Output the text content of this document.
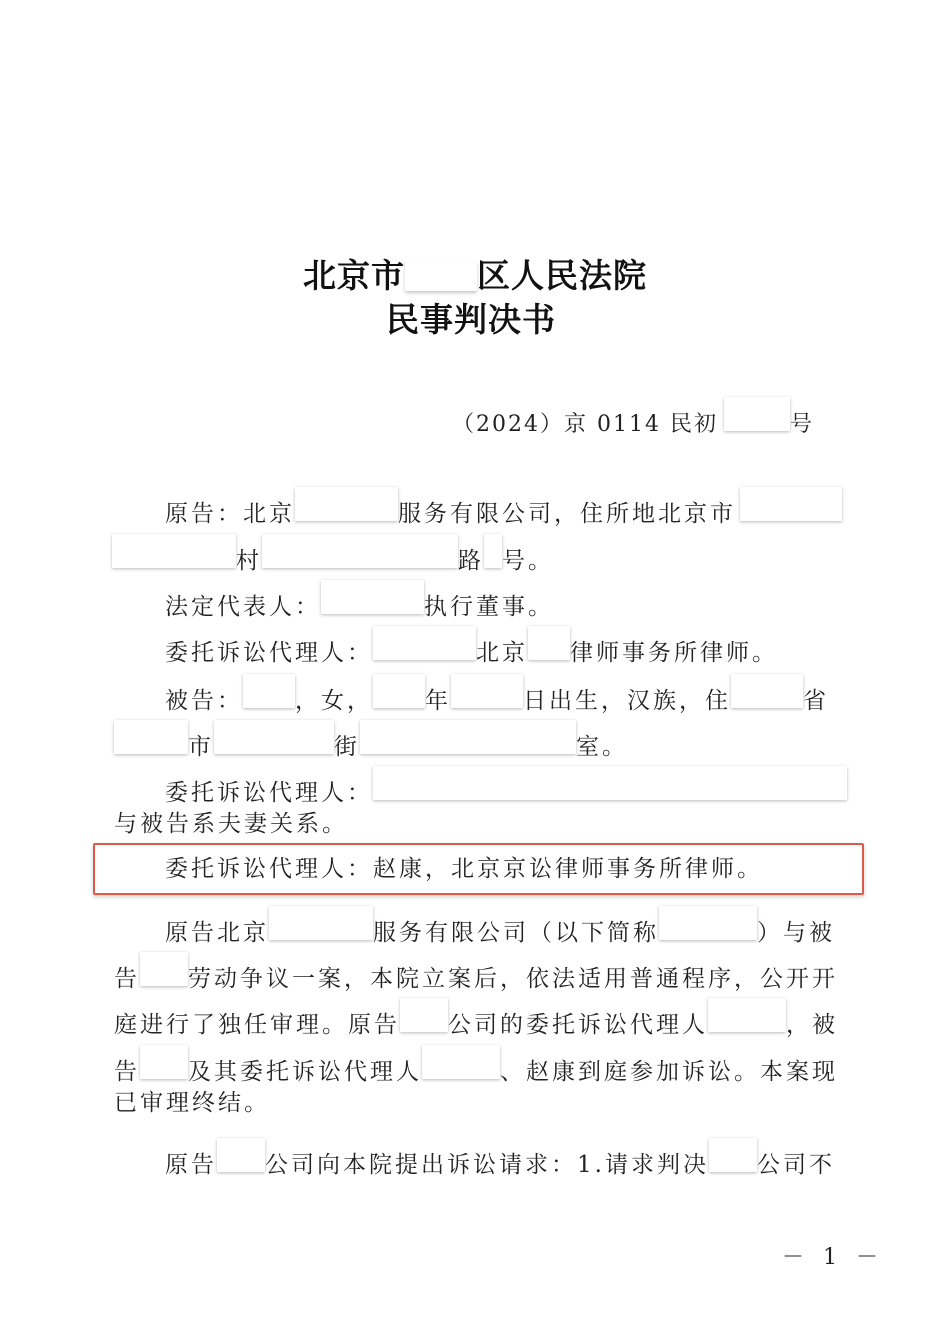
北京市 区人民法院
民事判决书
（2024）京 0114 民初	号
原告：北京	服务有限公司，住所地北京市
村	路 号。
法定代表人：	执行董事。
委托诉讼代理人：	北京 律师事务所律师。
被告： ，女， 年	日出生，汉族，住	省
市	街	室。
委托诉讼代理人：
与被告系夫妻关系。
委托诉讼代理人：赵康，北京京讼律师事务所律师。
原告北京	服务有限公司（以下简称	）与被
告 劳动争议一案，本院立案后，依法适用普通程序，公开开
庭进行了独任审理。原告 公司的委托诉讼代理人	，被
告 及其委托诉讼代理人	、赵康到庭参加诉讼。本案现
已审理终结。
原告 公司向本院提出诉讼请求：1.请求判决 公司不
－ 1 －
